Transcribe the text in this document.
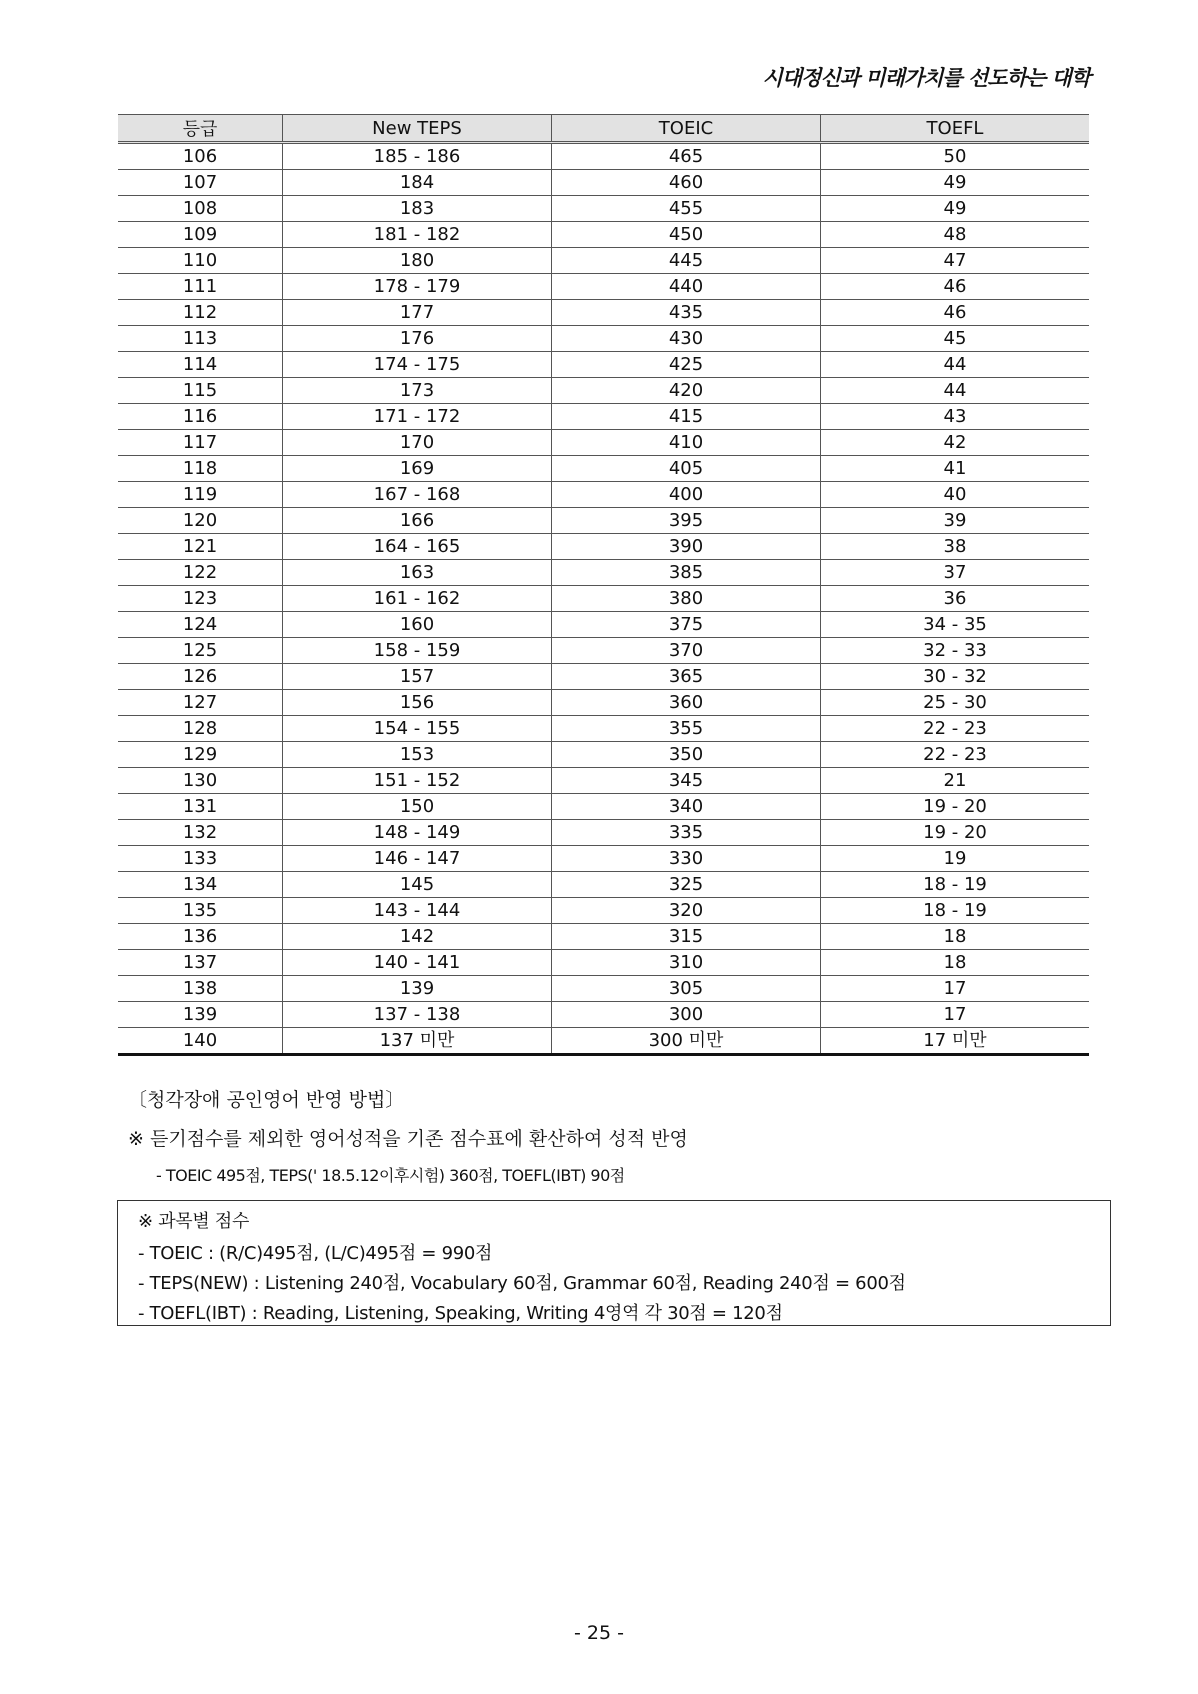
시대정신과 미래가치를 선도하는 대학
등급	New TEPS	TOEIC	TOEFL
106	185 - 186	465	50
107	184	460	49
108	183	455	49
109	181 - 182	450	48
110	180	445	47
111	178 - 179	440	46
112	177	435	46
113	176	430	45
114	174 - 175	425	44
115	173	420	44
116	171 - 172	415	43
117	170	410	42
118	169	405	41
119	167 - 168	400	40
120	166	395	39
121	164 - 165	390	38
122	163	385	37
123	161 - 162	380	36
124	160	375	34 - 35
125	158 - 159	370	32 - 33
126	157	365	30 - 32
127	156	360	25 - 30
128	154 - 155	355	22 - 23
129	153	350	22 - 23
130	151 - 152	345	21
131	150	340	19 - 20
132	148 - 149	335	19 - 20
133	146 - 147	330	19
134	145	325	18 - 19
135	143 - 144	320	18 - 19
136	142	315	18
137	140 - 141	310	18
138	139	305	17
139	137 - 138	300	17
140	137 미만	300 미만	17 미만
〔청각장애 공인영어 반영 방법〕
※ 듣기점수를 제외한 영어성적을 기존 점수표에 환산하여 성적 반영
- TOEIC 495점, TEPS(' 18.5.12이후시험) 360점, TOEFL(IBT) 90점
※ 과목별 점수
- TOEIC : (R/C)495점, (L/C)495점 = 990점
- TEPS(NEW) : Listening 240점, Vocabulary 60점, Grammar 60점, Reading 240점 = 600점
- TOEFL(IBT) : Reading, Listening, Speaking, Writing 4영역 각 30점 = 120점
- 25 -
